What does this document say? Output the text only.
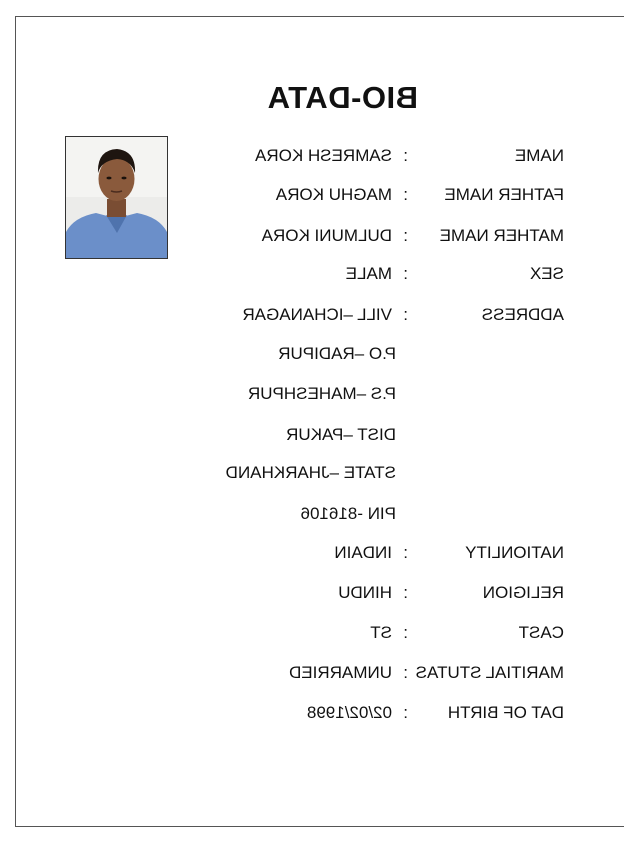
BIO-DATA
NAME
:
SAMRESH KORA
FATHER NAME
:
MAGHU KORA
MATHER NAME
:
DULMUNI KORA
SEX
:
MALE
ADDRESS
:
VILL –ICHANAGAR
P.O –RADIPUR
P.S –MAHESHPUR
DIST –PAKUR
STATE –JHARKHAND
PIN -816106
NATIONLITY
:
INDAIN
RELIGION
:
HINDU
CAST
:
ST
MARITIAL STUTAS
:
UNMARRIED
DAT OF BIRTH
:
02/02/1998
